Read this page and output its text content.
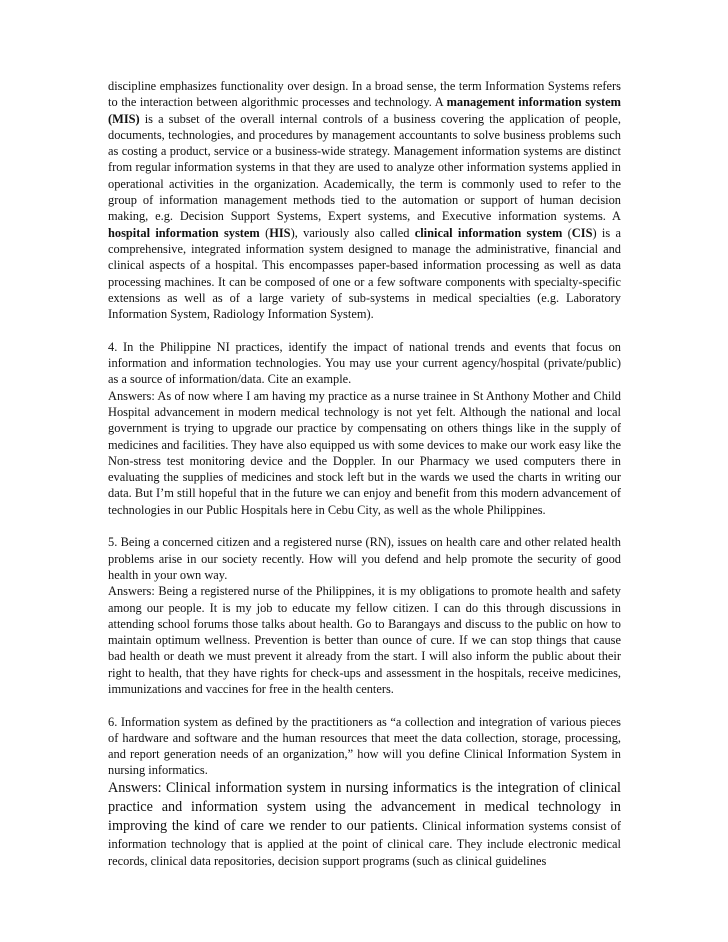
discipline emphasizes functionality over design. In a broad sense, the term Information Systems refers to the interaction between algorithmic processes and technology. A management information system (MIS) is a subset of the overall internal controls of a business covering the application of people, documents, technologies, and procedures by management accountants to solve business problems such as costing a product, service or a business-wide strategy. Management information systems are distinct from regular information systems in that they are used to analyze other information systems applied in operational activities in the organization. Academically, the term is commonly used to refer to the group of information management methods tied to the automation or support of human decision making, e.g. Decision Support Systems, Expert systems, and Executive information systems. A hospital information system (HIS), variously also called clinical information system (CIS) is a comprehensive, integrated information system designed to manage the administrative, financial and clinical aspects of a hospital. This encompasses paper-based information processing as well as data processing machines. It can be composed of one or a few software components with specialty-specific extensions as well as of a large variety of sub-systems in medical specialties (e.g. Laboratory Information System, Radiology Information System).

4. In the Philippine NI practices, identify the impact of national trends and events that focus on information and information technologies. You may use your current agency/hospital (private/public) as a source of information/data. Cite an example.

Answers: As of now where I am having my practice as a nurse trainee in St Anthony Mother and Child Hospital advancement in modern medical technology is not yet felt. Although the national and local government is trying to upgrade our practice by compensating on others things like in the supply of medicines and facilities. They have also equipped us with some devices to make our work easy like the Non-stress test monitoring device and the Doppler. In our Pharmacy we used computers there in evaluating the supplies of medicines and stock left but in the wards we used the charts in writing our data. But I’m still hopeful that in the future we can enjoy and benefit from this modern advancement of technologies in our Public Hospitals here in Cebu City, as well as the whole Philippines.

5. Being a concerned citizen and a registered nurse (RN), issues on health care and other related health problems arise in our society recently. How will you defend and help promote the security of good health in your own way.

Answers: Being a registered nurse of the Philippines, it is my obligations to promote health and safety among our people. It is my job to educate my fellow citizen. I can do this through discussions in attending school forums those talks about health. Go to Barangays and discuss to the public on how to maintain optimum wellness. Prevention is better than ounce of cure. If we can stop things that cause bad health or death we must prevent it already from the start. I will also inform the public about their right to health, that they have rights for check-ups and assessment in the hospitals, receive medicines, immunizations and vaccines for free in the health centers.

6. Information system as defined by the practitioners as “a collection and integration of various pieces of hardware and software and the human resources that meet the data collection, storage, processing, and report generation needs of an organization,” how will you define Clinical Information System in nursing informatics.

Answers: Clinical information system in nursing informatics is the integration of clinical practice and information system using the advancement in medical technology in improving the kind of care we render to our patients. Clinical information systems consist of information technology that is applied at the point of clinical care. They include electronic medical records, clinical data repositories, decision support programs (such as clinical guidelines
